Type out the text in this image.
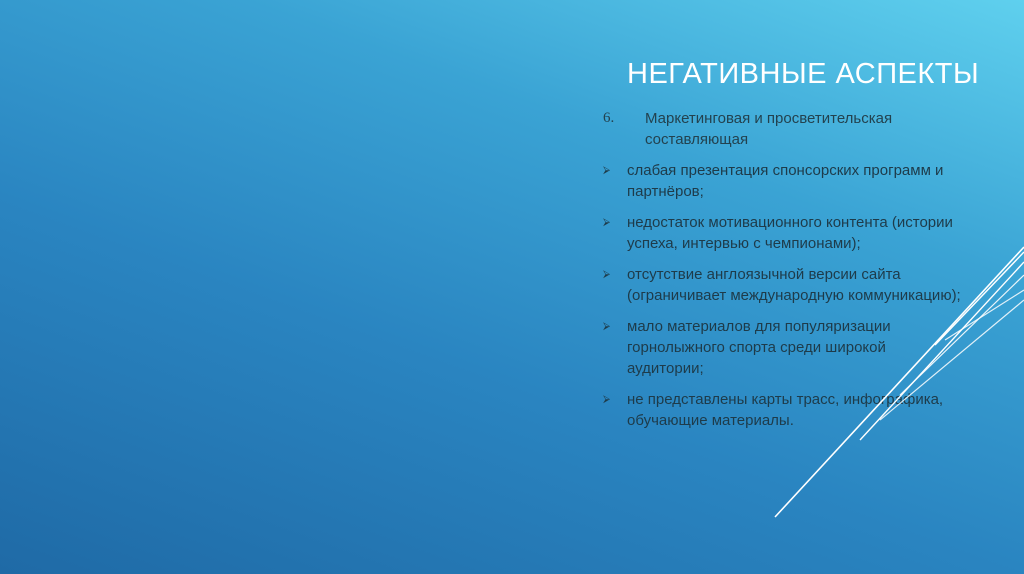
НЕГАТИВНЫЕ АСПЕКТЫ
6.	Маркетинговая и просветительская составляющая
⮚	слабая презентация спонсорских программ и партнёров;
⮚	недостаток мотивационного контента (истории успеха, интервью с чемпионами);
⮚	отсутствие англоязычной версии сайта (ограничивает международную коммуникацию);
⮚	мало материалов для популяризации горнолыжного спорта среди широкой аудитории;
⮚	не представлены карты трасс, инфографика, обучающие материалы.
